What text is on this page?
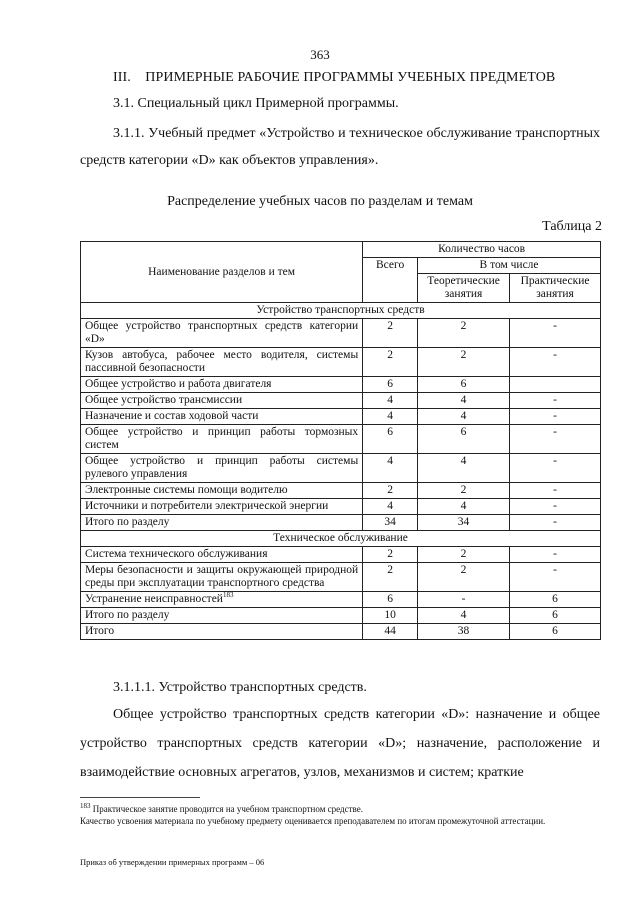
363
III.    ПРИМЕРНЫЕ РАБОЧИЕ ПРОГРАММЫ УЧЕБНЫХ ПРЕДМЕТОВ
3.1. Специальный цикл Примерной программы.
3.1.1. Учебный предмет «Устройство и техническое обслуживание транспортных средств категории «D» как объектов управления».
Распределение учебных часов по разделам и темам
Таблица 2
Наименование разделов и тем	Количество часов		
	Всего	В том числе	
		Теоретические занятия	Практические занятия
Устройство транспортных средств			
Общее устройство транспортных средств категории «D»	2	2	-
Кузов автобуса, рабочее место водителя, системы пассивной безопасности	2	2	-
Общее устройство и работа двигателя	6	6	
Общее устройство трансмиссии	4	4	-
Назначение и состав ходовой части	4	4	-
Общее устройство и принцип работы тормозных систем	6	6	-
Общее устройство и принцип работы системы рулевого управления	4	4	-
Электронные системы помощи водителю	2	2	-
Источники и потребители электрической энергии	4	4	-
Итого по разделу	34	34	-
Техническое обслуживание			
Система технического обслуживания	2	2	-
Меры безопасности и защиты окружающей природной среды при эксплуатации транспортного средства	2	2	-
Устранение неисправностей$^{183}$	6	-	6
Итого по разделу	10	4	6
Итого	44	38	6
3.1.1.1. Устройство транспортных средств.
Общее устройство транспортных средств категории «D»: назначение и общее устройство транспортных средств категории «D»; назначение, расположение и взаимодействие основных агрегатов, узлов, механизмов и систем; краткие
$^{183}$ Практическое занятие проводится на учебном транспортном средстве.
Качество усвоения материала по учебному предмету оценивается преподавателем по итогам промежуточной аттестации.
Приказ об утверждении примерных программ – 06
